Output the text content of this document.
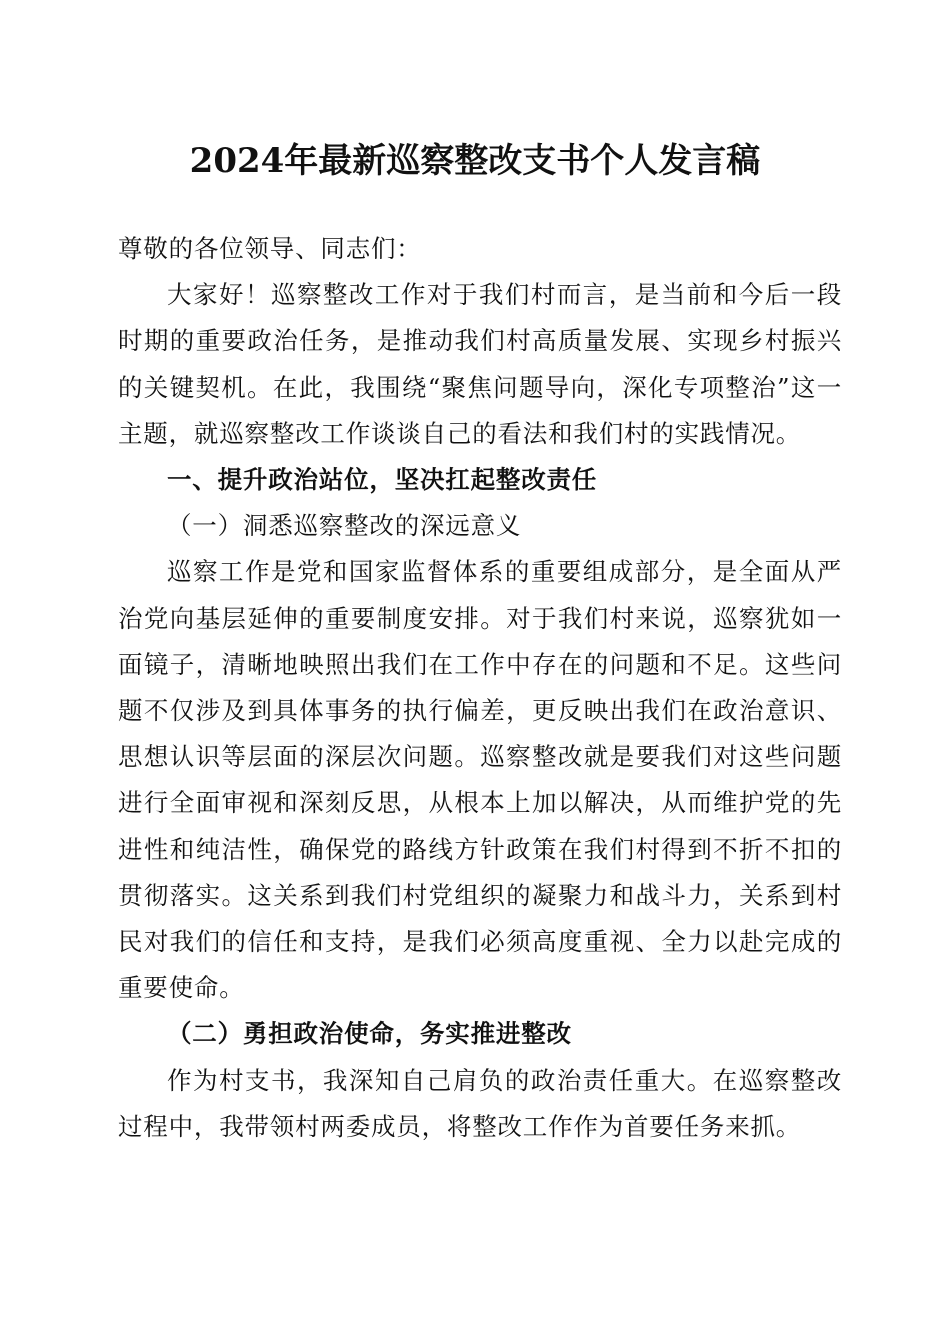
2024年最新巡察整改支书个人发言稿

尊敬的各位领导、同志们：

大家好！巡察整改工作对于我们村而言，是当前和今后一段时期的重要政治任务，是推动我们村高质量发展、实现乡村振兴的关键契机。在此，我围绕“聚焦问题导向，深化专项整治”这一主题，就巡察整改工作谈谈自己的看法和我们村的实践情况。

一、提升政治站位，坚决扛起整改责任

（一）洞悉巡察整改的深远意义

巡察工作是党和国家监督体系的重要组成部分，是全面从严治党向基层延伸的重要制度安排。对于我们村来说，巡察犹如一面镜子，清晰地映照出我们在工作中存在的问题和不足。这些问题不仅涉及到具体事务的执行偏差，更反映出我们在政治意识、思想认识等层面的深层次问题。巡察整改就是要我们对这些问题进行全面审视和深刻反思，从根本上加以解决，从而维护党的先进性和纯洁性，确保党的路线方针政策在我们村得到不折不扣的贯彻落实。这关系到我们村党组织的凝聚力和战斗力，关系到村民对我们的信任和支持，是我们必须高度重视、全力以赴完成的重要使命。

（二）勇担政治使命，务实推进整改

作为村支书，我深知自己肩负的政治责任重大。在巡察整改过程中，我带领村两委成员，将整改工作作为首要任务来抓。
